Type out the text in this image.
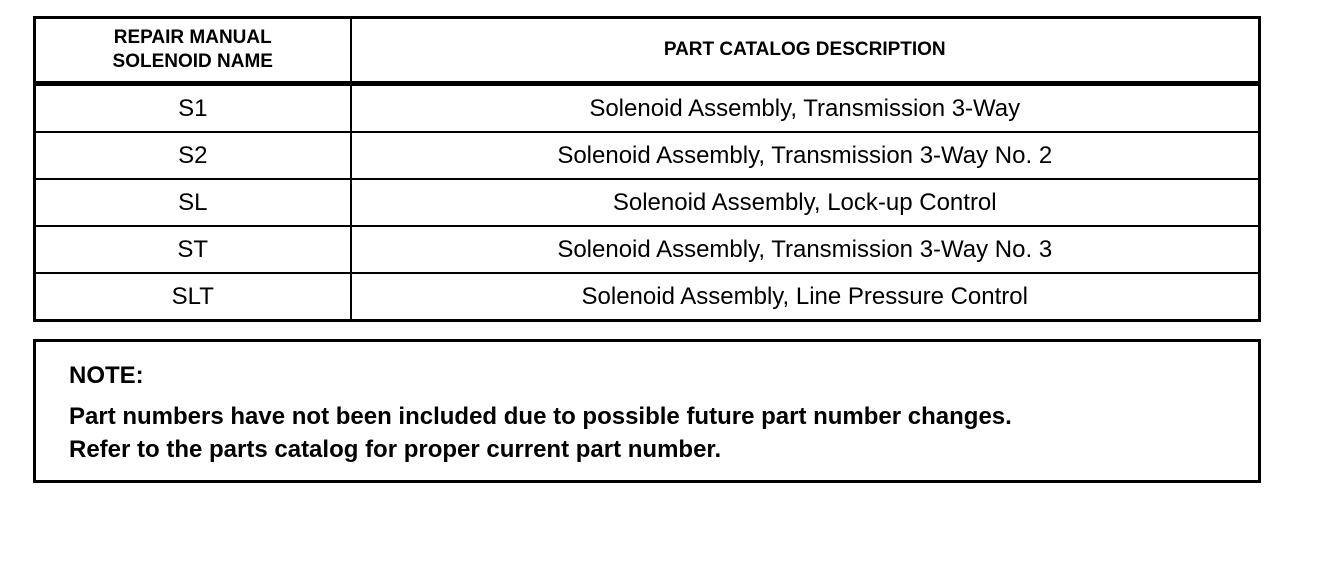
REPAIR MANUAL
SOLENOID NAME	PART CATALOG DESCRIPTION
S1	Solenoid Assembly, Transmission 3-Way
S2	Solenoid Assembly, Transmission 3-Way No. 2
SL	Solenoid Assembly, Lock-up Control
ST	Solenoid Assembly, Transmission 3-Way No. 3
SLT	Solenoid Assembly, Line Pressure Control

NOTE:

Part numbers have not been included due to possible future part number changes.
Refer to the parts catalog for proper current part number.
